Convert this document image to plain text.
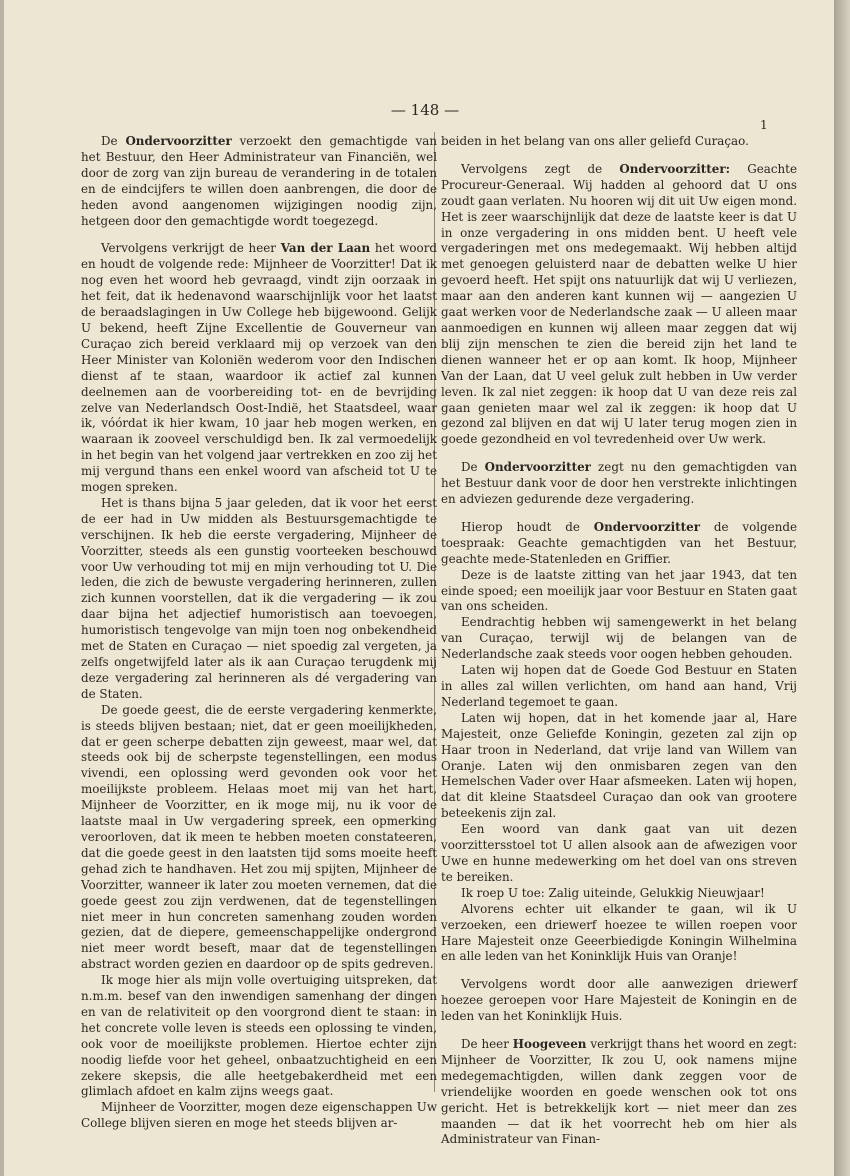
— 148 —
1

De Ondervoorzitter verzoekt den gemachtigde van het Bestuur, den Heer Administrateur van Financiën, wel door de zorg van zijn bureau de verandering in de totalen en de eindcijfers te willen doen aanbrengen, die door de heden avond aangenomen wijzigingen noodig zijn, hetgeen door den gemachtigde wordt toegezegd.

Vervolgens verkrijgt de heer Van der Laan het woord en houdt de volgende rede: Mijnheer de Voorzitter! Dat ik nog even het woord heb gevraagd, vindt zijn oorzaak in het feit, dat ik hedenavond waarschijnlijk voor het laatst de beraadslagingen in Uw College heb bijgewoond. Gelijk U bekend, heeft Zijne Excellentie de Gouverneur van Curaçao zich bereid verklaard mij op verzoek van den Heer Minister van Koloniën wederom voor den Indischen dienst af te staan, waardoor ik actief zal kunnen deelnemen aan de voorbereiding tot- en de bevrijding zelve van Nederlandsch Oost-Indië, het Staatsdeel, waar ik, vóórdat ik hier kwam, 10 jaar heb mogen werken, en waaraan ik zooveel verschuldigd ben. Ik zal vermoedelijk in het begin van het volgend jaar vertrekken en zoo zij het mij vergund thans een enkel woord van afscheid tot U te mogen spreken.

Het is thans bijna 5 jaar geleden, dat ik voor het eerst de eer had in Uw midden als Bestuursgemachtigde te verschijnen. Ik heb die eerste vergadering, Mijnheer de Voorzitter, steeds als een gunstig voorteeken beschouwd voor Uw verhouding tot mij en mijn verhouding tot U. Die leden, die zich de bewuste vergadering herinneren, zullen zich kunnen voorstellen, dat ik die vergadering — ik zou daar bijna het adjectief humoristisch aan toevoegen, humoristisch tengevolge van mijn toen nog onbekendheid met de Staten en Curaçao — niet spoedig zal vergeten, ja zelfs ongetwijfeld later als ik aan Curaçao terugdenk mij deze vergadering zal herinneren als dé vergadering van de Staten.

De goede geest, die de eerste vergadering kenmerkte, is steeds blijven bestaan; niet, dat er geen moeilijkheden, dat er geen scherpe debatten zijn geweest, maar wel, dat steeds ook bij de scherpste tegenstellingen, een modus vivendi, een oplossing werd gevonden ook voor het moeilijkste probleem. Helaas moet mij van het hart, Mijnheer de Voorzitter, en ik moge mij, nu ik voor de laatste maal in Uw vergadering spreek, een opmerking veroorloven, dat ik meen te hebben moeten constateeren, dat die goede geest in den laatsten tijd soms moeite heeft gehad zich te handhaven. Het zou mij spijten, Mijnheer de Voorzitter, wanneer ik later zou moeten vernemen, dat die goede geest zou zijn verdwenen, dat de tegenstellingen niet meer in hun concreten samenhang zouden worden gezien, dat de diepere, gemeenschappelijke ondergrond niet meer wordt beseft, maar dat de tegenstellingen abstract worden gezien en daardoor op de spits gedreven.

Ik moge hier als mijn volle overtuiging uitspreken, dat n.m.m. besef van den inwendigen samenhang der dingen en van de relativiteit op den voorgrond dient te staan: in het concrete volle leven is steeds een oplossing te vinden, ook voor de moeilijkste problemen. Hiertoe echter zijn noodig liefde voor het geheel, onbaatzuchtigheid en een zekere skepsis, die alle heetgebakerdheid met een glimlach afdoet en kalm zijns weegs gaat.

Mijnheer de Voorzitter, mogen deze eigenschappen Uw College blijven sieren en moge het steeds blijven ar-

beiden in het belang van ons aller geliefd Curaçao.

Vervolgens zegt de Ondervoorzitter: Geachte Procureur-Generaal. Wij hadden al gehoord dat U ons zoudt gaan verlaten. Nu hooren wij dit uit Uw eigen mond. Het is zeer waarschijnlijk dat deze de laatste keer is dat U in onze vergadering in ons midden bent. U heeft vele vergaderingen met ons medegemaakt. Wij hebben altijd met genoegen geluisterd naar de debatten welke U hier gevoerd heeft. Het spijt ons natuurlijk dat wij U verliezen, maar aan den anderen kant kunnen wij — aangezien U gaat werken voor de Nederlandsche zaak — U alleen maar aanmoedigen en kunnen wij alleen maar zeggen dat wij blij zijn menschen te zien die bereid zijn het land te dienen wanneer het er op aan komt. Ik hoop, Mijnheer Van der Laan, dat U veel geluk zult hebben in Uw verder leven. Ik zal niet zeggen: ik hoop dat U van deze reis zal gaan genieten maar wel zal ik zeggen: ik hoop dat U gezond zal blijven en dat wij U later terug mogen zien in goede gezondheid en vol tevredenheid over Uw werk.

De Ondervoorzitter zegt nu den gemachtigden van het Bestuur dank voor de door hen verstrekte inlichtingen en adviezen gedurende deze vergadering.

Hierop houdt de Ondervoorzitter de volgende toespraak: Geachte gemachtigden van het Bestuur, geachte mede-Statenleden en Griffier.

Deze is de laatste zitting van het jaar 1943, dat ten einde spoed; een moeilijk jaar voor Bestuur en Staten gaat van ons scheiden.

Eendrachtig hebben wij samengewerkt in het belang van Curaçao, terwijl wij de belangen van de Nederlandsche zaak steeds voor oogen hebben gehouden.

Laten wij hopen dat de Goede God Bestuur en Staten in alles zal willen verlichten, om hand aan hand, Vrij Nederland tegemoet te gaan.

Laten wij hopen, dat in het komende jaar al, Hare Majesteit, onze Geliefde Koningin, gezeten zal zijn op Haar troon in Nederland, dat vrije land van Willem van Oranje. Laten wij den onmisbaren zegen van den Hemelschen Vader over Haar afsmeeken. Laten wij hopen, dat dit kleine Staatsdeel Curaçao dan ook van grootere beteekenis zijn zal.

Een woord van dank gaat van uit dezen voorzittersstoel tot U allen alsook aan de afwezigen voor Uwe en hunne medewerking om het doel van ons streven te bereiken.

Ik roep U toe: Zalig uiteinde, Gelukkig Nieuwjaar!

Alvorens echter uit elkander te gaan, wil ik U verzoeken, een driewerf hoezee te willen roepen voor Hare Majesteit onze Geeerbiedigde Koningin Wilhelmina en alle leden van het Koninklijk Huis van Oranje!

Vervolgens wordt door alle aanwezigen driewerf hoezee geroepen voor Hare Majesteit de Koningin en de leden van het Koninklijk Huis.

De heer Hoogeveen verkrijgt thans het woord en zegt: Mijnheer de Voorzitter, Ik zou U, ook namens mijne medegemachtigden, willen dank zeggen voor de vriendelijke woorden en goede wenschen ook tot ons gericht. Het is betrekkelijk kort — niet meer dan zes maanden — dat ik het voorrecht heb om hier als Administrateur van Finan-
